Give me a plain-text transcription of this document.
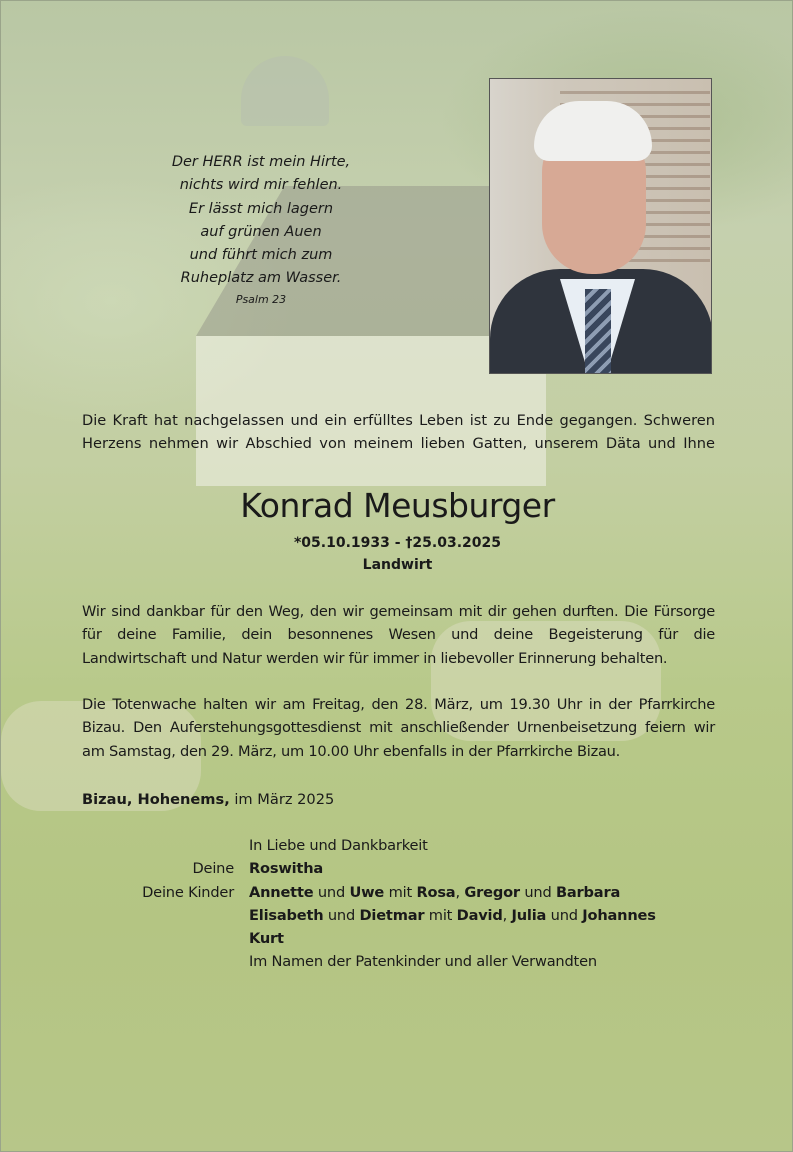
Der HERR ist mein Hirte,
nichts wird mir fehlen.
Er lässt mich lagern
auf grünen Auen
und führt mich zum
Ruheplatz am Wasser.
Psalm 23
Die Kraft hat nachgelassen und ein erfülltes Leben ist zu Ende gegangen. Schweren
Herzens nehmen wir Abschied von meinem lieben Gatten, unserem Däta und Ihne
Konrad Meusburger
*05.10.1933 - †25.03.2025
Landwirt
Wir sind dankbar für den Weg, den wir gemeinsam mit dir gehen durften. Die Fürsorge
für deine Familie, dein besonnenes Wesen und deine Begeisterung für die
Landwirtschaft und Natur werden wir für immer in liebevoller Erinnerung behalten.
Die Totenwache halten wir am Freitag, den 28. März, um 19.30 Uhr in der Pfarrkirche
Bizau. Den Auferstehungsgottesdienst mit anschließender Urnenbeisetzung feiern wir
am Samstag, den 29. März, um 10.00 Uhr ebenfalls in der Pfarrkirche Bizau.
Bizau, Hohenems, im März 2025
In Liebe und Dankbarkeit
Deine	Roswitha
Deine Kinder	Annette und Uwe mit Rosa, Gregor und Barbara
Elisabeth und Dietmar mit David, Julia und Johannes
Kurt
Im Namen der Patenkinder und aller Verwandten
